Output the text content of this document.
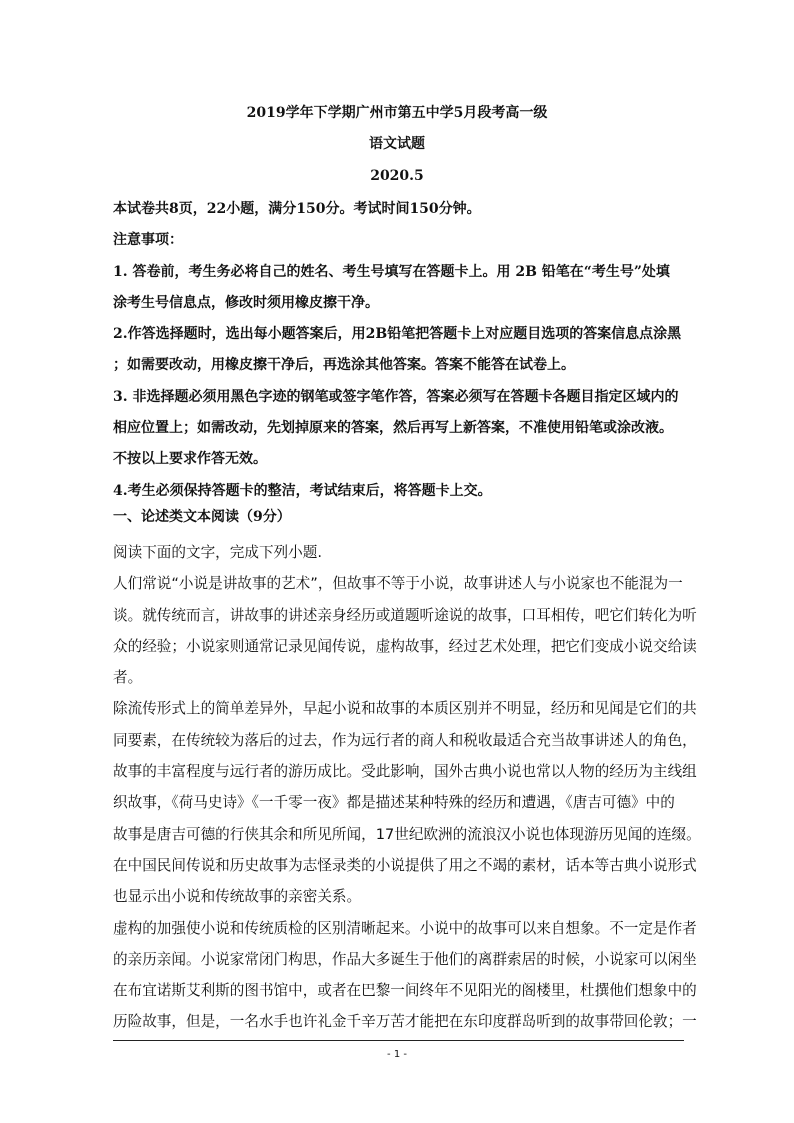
2019学年下学期广州市第五中学5月段考高一级
语文试题
2020.5

本试卷共8页，22小题，满分150分。考试时间150分钟。

注意事项：

1. 答卷前，考生务必将自己的姓名、考生号填写在答题卡上。用 2B 铅笔在“考生号”处填

涂考生号信息点，修改时须用橡皮擦干净。

2.作答选择题时，选出每小题答案后，用2B铅笔把答题卡上对应题目选项的答案信息点涂黑

；如需要改动，用橡皮擦干净后，再选涂其他答案。答案不能答在试卷上。

3. 非选择题必须用黑色字迹的钢笔或签字笔作答，答案必须写在答题卡各题目指定区域内的

相应位置上；如需改动，先划掉原来的答案，然后再写上新答案，不准使用铅笔或涂改液。

不按以上要求作答无效。

4.考生必须保持答题卡的整洁，考试结束后，将答题卡上交。

一、论述类文本阅读（9分）

阅读下面的文字，完成下列小题.

人们常说“小说是讲故事的艺术”，但故事不等于小说，故事讲述人与小说家也不能混为一

谈。就传统而言，讲故事的讲述亲身经历或道题听途说的故事，口耳相传，吧它们转化为听

众的经验；小说家则通常记录见闻传说，虚构故事，经过艺术处理，把它们变成小说交给读

者。

除流传形式上的简单差异外，早起小说和故事的本质区别并不明显，经历和见闻是它们的共

同要素，在传统较为落后的过去，作为远行者的商人和税收最适合充当故事讲述人的角色，

故事的丰富程度与远行者的游历成比。受此影响，国外古典小说也常以人物的经历为主线组

织故事，《荷马史诗》《一千零一夜》都是描述某种特殊的经历和遭遇，《唐吉可德》中的

故事是唐吉可德的行侠其余和所见所闻，17世纪欧洲的流浪汉小说也体现游历见闻的连缀。

在中国民间传说和历史故事为志怪录类的小说提供了用之不竭的素材，话本等古典小说形式

也显示出小说和传统故事的亲密关系。

虚构的加强使小说和传统质检的区别清晰起来。小说中的故事可以来自想象。不一定是作者

的亲历亲闻。小说家常闭门构思，作品大多诞生于他们的离群索居的时候，小说家可以闲坐

在布宜诺斯艾利斯的图书馆中，或者在巴黎一间终年不见阳光的阁楼里，杜撰他们想象中的

历险故事，但是，一名水手也许礼金千辛万苦才能把在东印度群岛听到的故事带回伦敦；一

- 1 -
